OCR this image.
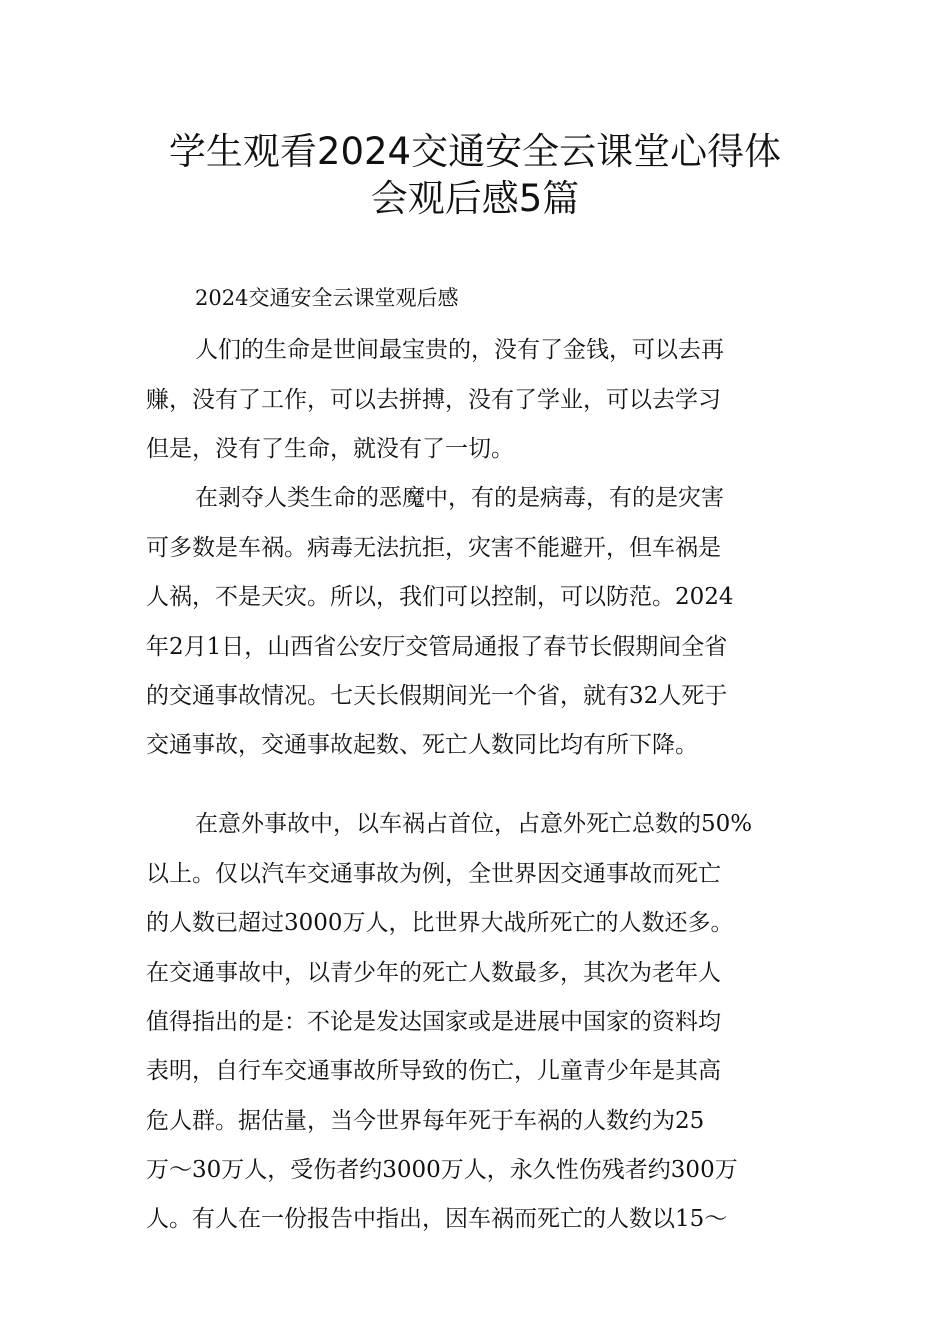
学生观看2024交通安全云课堂心得体
会观后感5篇
2024交通安全云课堂观后感
人们的生命是世间最宝贵的，没有了金钱，可以去再
赚，没有了工作，可以去拼搏，没有了学业，可以去学习
但是，没有了生命，就没有了一切。
在剥夺人类生命的恶魔中，有的是病毒，有的是灾害
可多数是车祸。病毒无法抗拒，灾害不能避开，但车祸是
人祸，不是天灾。所以，我们可以控制，可以防范。2024
年2月1日，山西省公安厅交管局通报了春节长假期间全省
的交通事故情况。七天长假期间光一个省，就有32人死于
交通事故，交通事故起数、死亡人数同比均有所下降。
在意外事故中，以车祸占首位，占意外死亡总数的50%
以上。仅以汽车交通事故为例，全世界因交通事故而死亡
的人数已超过3000万人，比世界大战所死亡的人数还多。
在交通事故中，以青少年的死亡人数最多，其次为老年人
值得指出的是：不论是发达国家或是进展中国家的资料均
表明，自行车交通事故所导致的伤亡，儿童青少年是其高
危人群。据估量，当今世界每年死于车祸的人数约为25
万～30万人，受伤者约3000万人，永久性伤残者约300万
人。有人在一份报告中指出，因车祸而死亡的人数以15～
